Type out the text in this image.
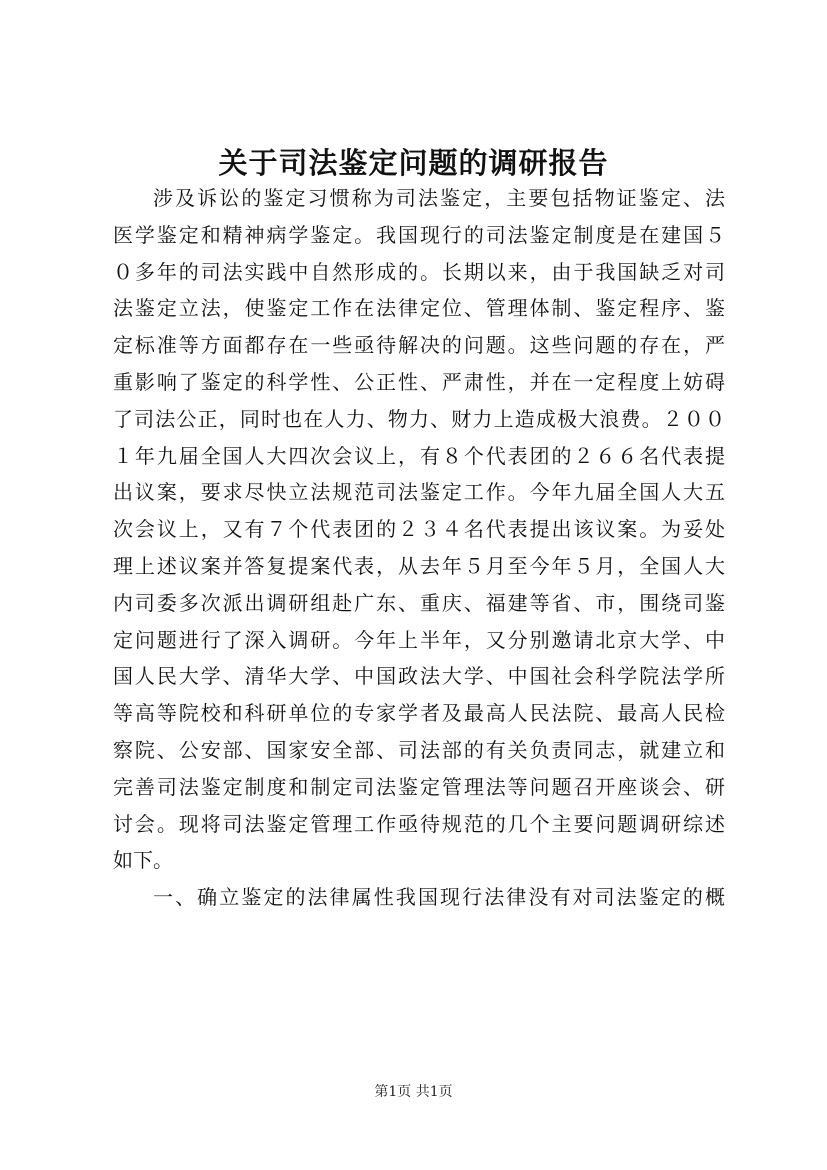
关于司法鉴定问题的调研报告
涉及诉讼的鉴定习惯称为司法鉴定，主要包括物证鉴定、法
医学鉴定和精神病学鉴定。我国现行的司法鉴定制度是在建国５
０多年的司法实践中自然形成的。长期以来，由于我国缺乏对司
法鉴定立法，使鉴定工作在法律定位、管理体制、鉴定程序、鉴
定标准等方面都存在一些亟待解决的问题。这些问题的存在，严
重影响了鉴定的科学性、公正性、严肃性，并在一定程度上妨碍
了司法公正，同时也在人力、物力、财力上造成极大浪费。２００
１年九届全国人大四次会议上，有８个代表团的２６６名代表提
出议案，要求尽快立法规范司法鉴定工作。今年九届全国人大五
次会议上，又有７个代表团的２３４名代表提出该议案。为妥处
理上述议案并答复提案代表，从去年５月至今年５月，全国人大
内司委多次派出调研组赴广东、重庆、福建等省、市，围绕司鉴
定问题进行了深入调研。今年上半年，又分别邀请北京大学、中
国人民大学、清华大学、中国政法大学、中国社会科学院法学所
等高等院校和科研单位的专家学者及最高人民法院、最高人民检
察院、公安部、国家安全部、司法部的有关负责同志，就建立和
完善司法鉴定制度和制定司法鉴定管理法等问题召开座谈会、研
讨会。现将司法鉴定管理工作亟待规范的几个主要问题调研综述
如下。
一、确立鉴定的法律属性我国现行法律没有对司法鉴定的概
第1页 共1页
